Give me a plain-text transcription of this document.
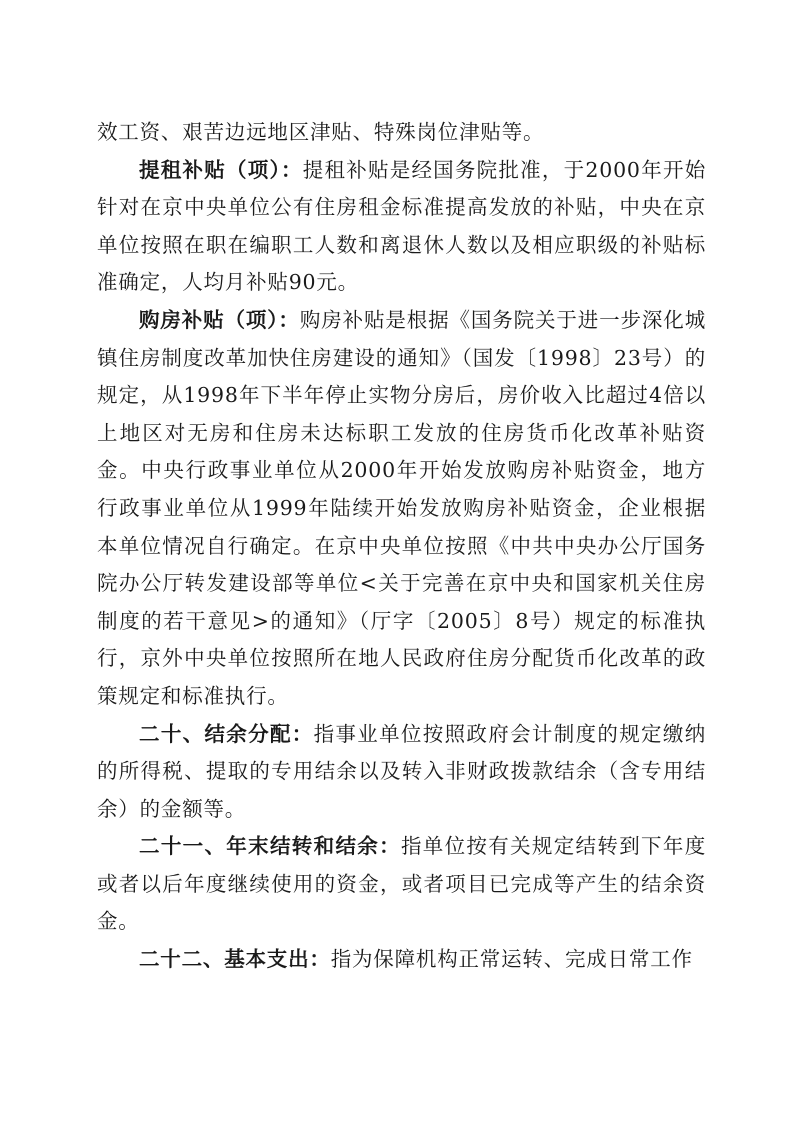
效工资、艰苦边远地区津贴、特殊岗位津贴等。

提租补贴（项）：提租补贴是经国务院批准，于2000年开始针对在京中央单位公有住房租金标准提高发放的补贴，中央在京单位按照在职在编职工人数和离退休人数以及相应职级的补贴标准确定，人均月补贴90元。

购房补贴（项）：购房补贴是根据《国务院关于进一步深化城镇住房制度改革加快住房建设的通知》（国发〔1998〕23号）的规定，从1998年下半年停止实物分房后，房价收入比超过4倍以上地区对无房和住房未达标职工发放的住房货币化改革补贴资金。中央行政事业单位从2000年开始发放购房补贴资金，地方行政事业单位从1999年陆续开始发放购房补贴资金，企业根据本单位情况自行确定。在京中央单位按照《中共中央办公厅国务院办公厅转发建设部等单位<关于完善在京中央和国家机关住房制度的若干意见>的通知》（厅字〔2005〕8号）规定的标准执行，京外中央单位按照所在地人民政府住房分配货币化改革的政策规定和标准执行。

二十、结余分配：指事业单位按照政府会计制度的规定缴纳的所得税、提取的专用结余以及转入非财政拨款结余（含专用结余）的金额等。

二十一、年末结转和结余：指单位按有关规定结转到下年度或者以后年度继续使用的资金，或者项目已完成等产生的结余资金。

二十二、基本支出：指为保障机构正常运转、完成日常工作
